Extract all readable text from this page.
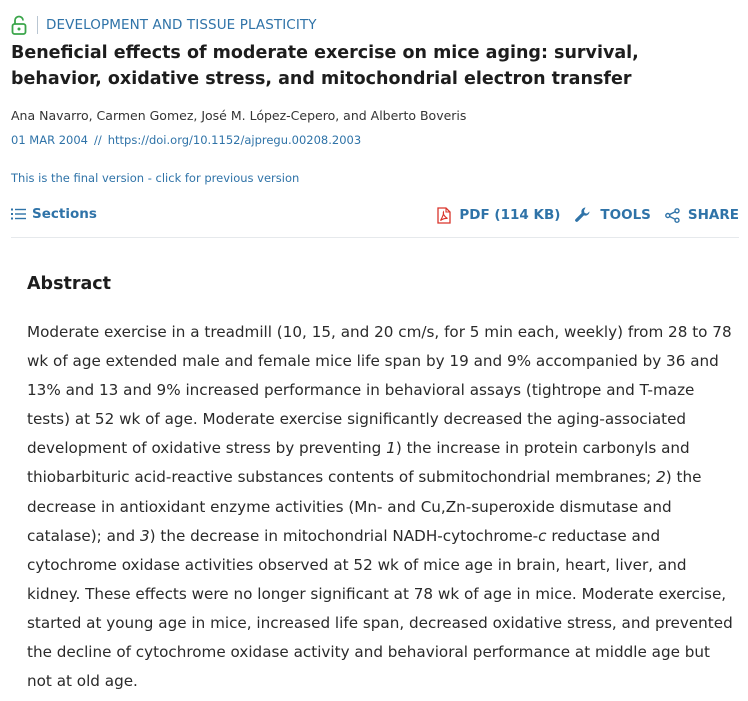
DEVELOPMENT AND TISSUE PLASTICITY
Beneficial effects of moderate exercise on mice aging: survival, behavior, oxidative stress, and mitochondrial electron transfer
Ana Navarro, Carmen Gomez, José M. López-Cepero, and Alberto Boveris
01 MAR 2004 // https://doi.org/10.1152/ajpregu.00208.2003
This is the final version - click for previous version
Sections	PDF (114 KB)	TOOLS	SHARE
Abstract

Moderate exercise in a treadmill (10, 15, and 20 cm/s, for 5 min each, weekly) from 28 to 78 wk of age extended male and female mice life span by 19 and 9% accompanied by 36 and 13% and 13 and 9% increased performance in behavioral assays (tightrope and T-maze tests) at 52 wk of age. Moderate exercise significantly decreased the aging-associated development of oxidative stress by preventing 1) the increase in protein carbonyls and thiobarbituric acid-reactive substances contents of submitochondrial membranes; 2) the decrease in antioxidant enzyme activities (Mn- and Cu,Zn-superoxide dismutase and catalase); and 3) the decrease in mitochondrial NADH-cytochrome-c reductase and cytochrome oxidase activities observed at 52 wk of mice age in brain, heart, liver, and kidney. These effects were no longer significant at 78 wk of age in mice. Moderate exercise, started at young age in mice, increased life span, decreased oxidative stress, and prevented the decline of cytochrome oxidase activity and behavioral performance at middle age but not at old age.
